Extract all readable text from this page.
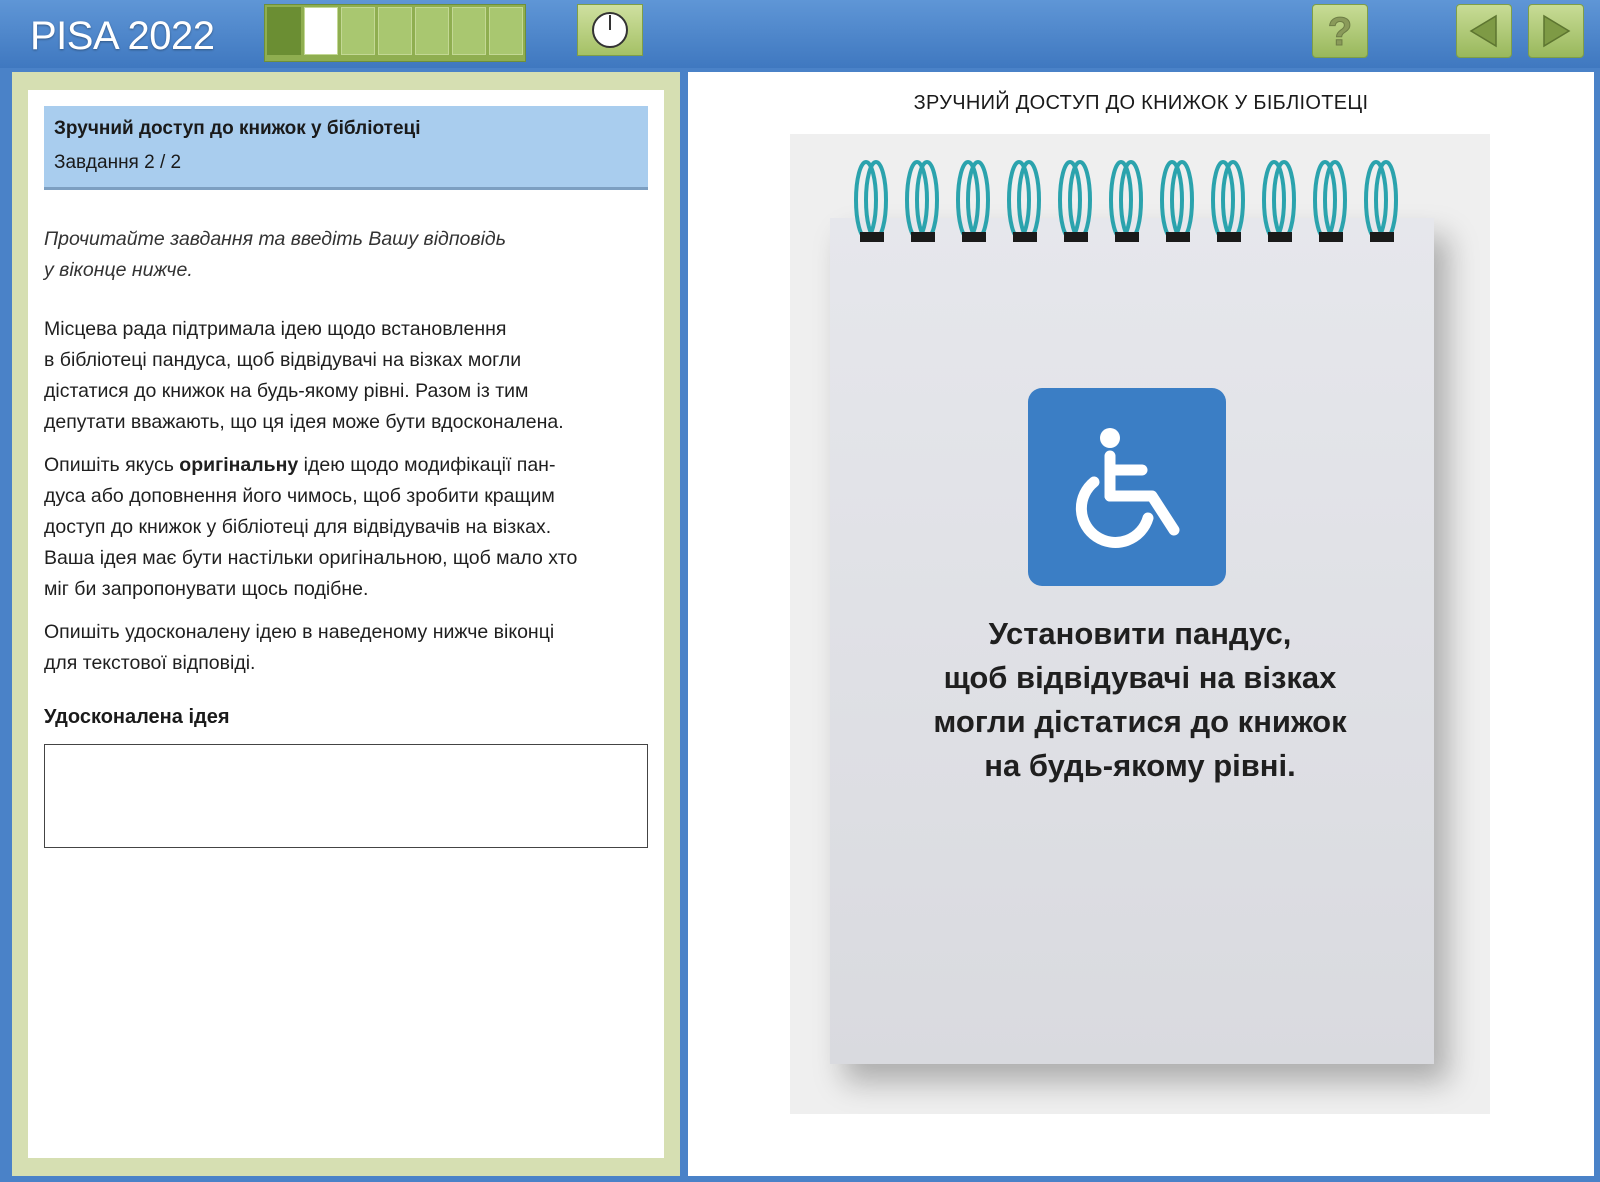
PISA 2022	?
Зручний доступ до книжок у бібліотеці
Завдання 2 / 2
Прочитайте завдання та введіть Вашу відповідь
у віконце нижче.
Місцева рада підтримала ідею щодо встановлення
в бібліотеці пандуса, щоб відвідувачі на візках могли
дістатися до книжок на будь-якому рівні. Разом із тим
депутати вважають, що ця ідея може бути вдосконалена.
Опишіть якусь оригінальну ідею щодо модифікації пан-
дуса або доповнення його чимось, щоб зробити кращим
доступ до книжок у бібліотеці для відвідувачів на візках.
Ваша ідея має бути настільки оригінальною, щоб мало хто
міг би запропонувати щось подібне.
Опишіть удосконалену ідею в наведеному нижче віконці
для текстової відповіді.
Удосконалена ідея
ЗРУЧНИЙ ДОСТУП ДО КНИЖОК У БІБЛІОТЕЦІ
Установити пандус,
щоб відвідувачі на візках
могли дістатися до книжок
на будь-якому рівні.
